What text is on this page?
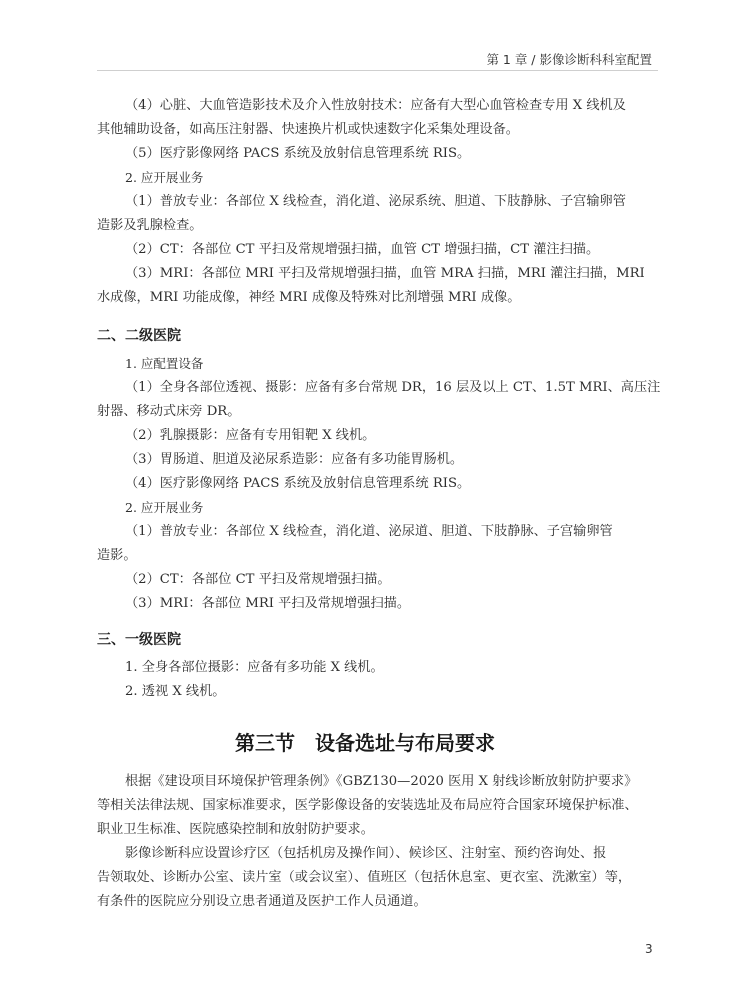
第 1 章 / 影像诊断科科室配置
（4）心脏、大血管造影技术及介入性放射技术：应备有大型心血管检查专用 X 线机及
其他辅助设备，如高压注射器、快速换片机或快速数字化采集处理设备。
（5）医疗影像网络 PACS 系统及放射信息管理系统 RIS。
2. 应开展业务
（1）普放专业：各部位 X 线检查，消化道、泌尿系统、胆道、下肢静脉、子宫输卵管
造影及乳腺检查。
（2）CT：各部位 CT 平扫及常规增强扫描，血管 CT 增强扫描，CT 灌注扫描。
（3）MRI：各部位 MRI 平扫及常规增强扫描，血管 MRA 扫描，MRI 灌注扫描，MRI
水成像，MRI 功能成像，神经 MRI 成像及特殊对比剂增强 MRI 成像。
二、二级医院
1. 应配置设备
（1）全身各部位透视、摄影：应备有多台常规 DR，16 层及以上 CT、1.5T MRI、高压注
射器、移动式床旁 DR。
（2）乳腺摄影：应备有专用钼靶 X 线机。
（3）胃肠道、胆道及泌尿系造影：应备有多功能胃肠机。
（4）医疗影像网络 PACS 系统及放射信息管理系统 RIS。
2. 应开展业务
（1）普放专业：各部位 X 线检查，消化道、泌尿道、胆道、下肢静脉、子宫输卵管
造影。
（2）CT：各部位 CT 平扫及常规增强扫描。
（3）MRI：各部位 MRI 平扫及常规增强扫描。
三、一级医院
1. 全身各部位摄影：应备有多功能 X 线机。
2. 透视 X 线机。
第三节　设备选址与布局要求
根据《建设项目环境保护管理条例》《GBZ130—2020 医用 X 射线诊断放射防护要求》
等相关法律法规、国家标准要求，医学影像设备的安装选址及布局应符合国家环境保护标准、
职业卫生标准、医院感染控制和放射防护要求。
影像诊断科应设置诊疗区（包括机房及操作间）、候诊区、注射室、预约咨询处、报
告领取处、诊断办公室、读片室（或会议室）、值班区（包括休息室、更衣室、洗漱室）等，
有条件的医院应分别设立患者通道及医护工作人员通道。
3
